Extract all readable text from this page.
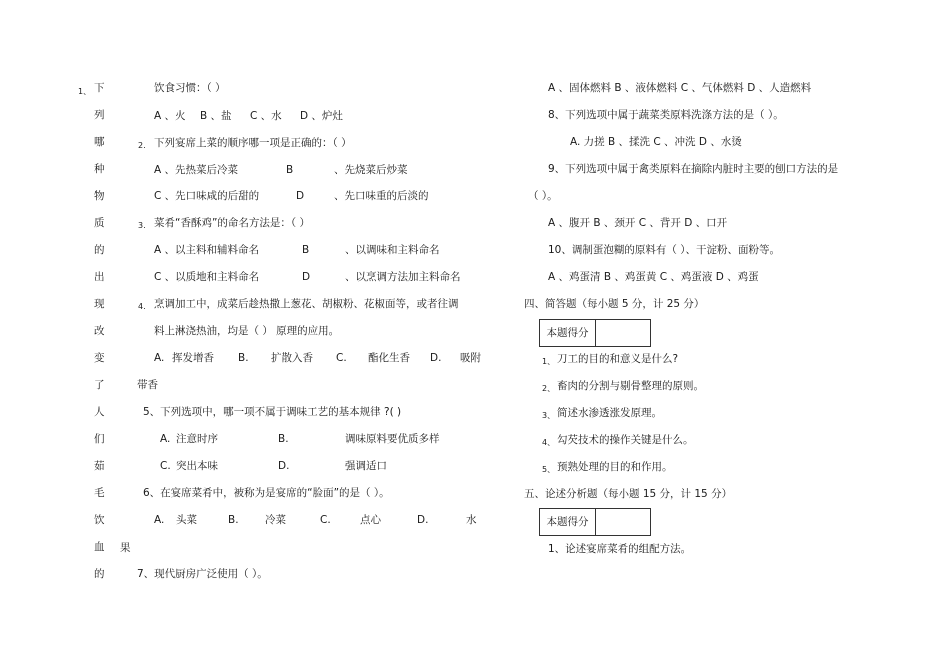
1、 下
列
哪
种
物
质
的
出
现
改
变
了
人
们
茹
毛
饮
血
的
饮食习惯：（ ）
A 、火 B 、盐 C 、水 D 、炉灶
2. 下列宴席上菜的顺序哪一项是正确的：（ ）
A 、先热菜后冷菜	B	、先烧菜后炒菜
C 、先口味咸的后甜的	D	、先口味重的后淡的
3. 菜肴“香酥鸡”的命名方法是：（ ）
A 、以主料和辅料命名	B	、以调味和主料命名
C 、以质地和主料命名	D	、以烹调方法加主料命名
4. 烹调加工中，成菜后趁热撒上葱花、胡椒粉、花椒面等，或者往调
料上淋浇热油，均是（ ） 原理的应用。
A. 挥发增香 B. 扩散入香 C. 酯化生香 D. 吸附
带香
5、下列选项中，哪一项不属于调味工艺的基本规律 ?( )
A. 注意时序	B.	调味原料要优质多样
C. 突出本味	D.	强调适口
6、在宴席菜肴中，被称为是宴席的“脸面”的是（ ）。
A. 头菜	B.	冷菜	C.	点心	D.	水
果
7、现代厨房广泛使用（ ）。
A 、固体燃料 B 、液体燃料 C 、气体燃料 D 、人造燃料
8、下列选项中属于蔬菜类原料洗涤方法的是（ ）。
A. 力搓 B 、揉洗 C 、冲洗 D 、水烫
9、下列选项中属于禽类原料在摘除内脏时主要的刨口方法的是
（ ）。
A 、腹开 B 、颈开 C 、背开 D 、口开
10、调制蛋泡糊的原料有（ ）、干淀粉、面粉等。
A 、鸡蛋清 B 、鸡蛋黄 C 、鸡蛋液 D 、鸡蛋
四、简答题（每小题 5 分，计 25 分）
本题得分
1、 刀工的目的和意义是什么?
2、 畜肉的分割与剔骨整理的原则。
3、 简述水渗透涨发原理。
4、 勾芡技术的操作关键是什么。
5、 预熟处理的目的和作用。
五、论述分析题（每小题 15 分，计 15 分）
本题得分
1、论述宴席菜肴的组配方法。
